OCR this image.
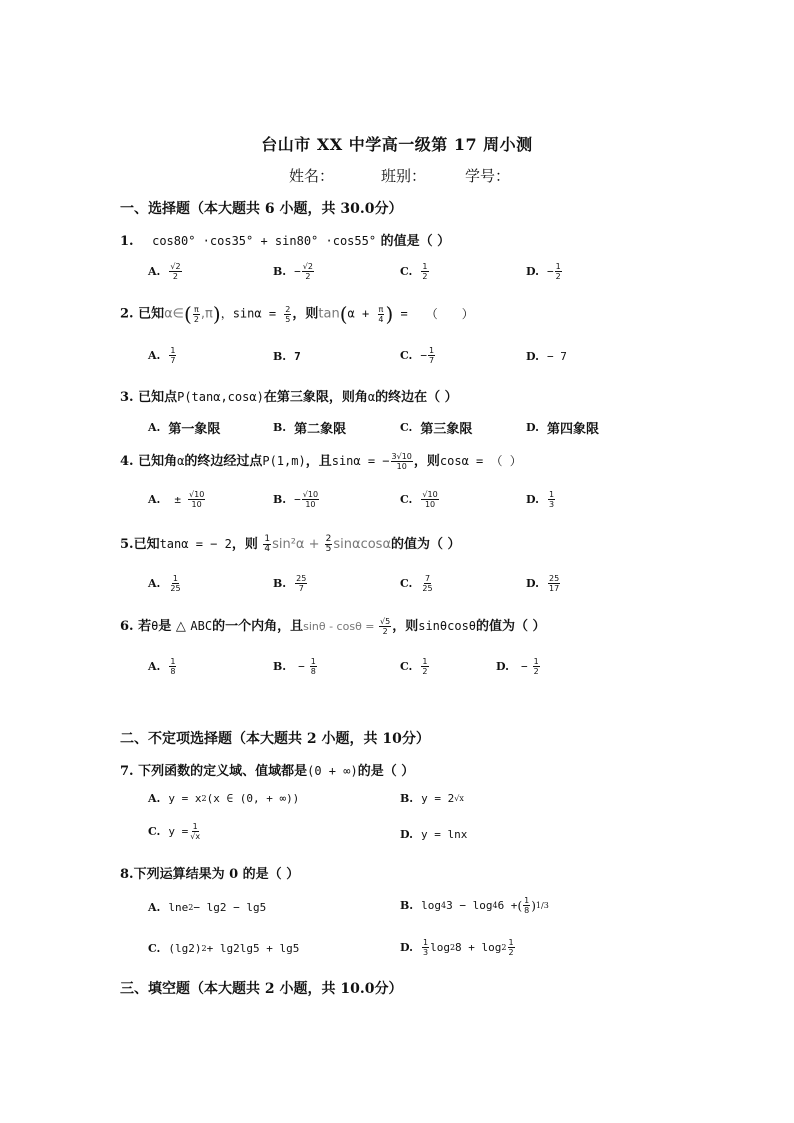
台山市 XX 中学高一级第 17 周小测
姓名：	班别：	学号：
一、选择题（本大题共 6 小题，共 30.0分）
1. cos80° ·cos35° + sin80° ·cos55° 的值是（ ）
A. $\frac{√2}{2}$	B. − $\frac{√2}{2}$	C. $\frac{1}{2}$	D. − $\frac{1}{2}$
2. 已知α∈( $\frac{\pi}{2} ,\pi$)，$\sin\alpha = \frac{2}{5}$ ，则$\tan(\alpha + \frac{\pi}{4}$ ) = （　　）
A. $\frac{1}{7}$	B. 7	C. − $\frac{1}{7}$	D. − 7
3. 已知点P(tanα,cosα)在第三象限，则角α的终边在（ ）
A. 第一象限	B. 第二象限	C. 第三象限	D. 第四象限
4. 已知角α的终边经过点P(1,m)，且sinα = − $\frac{3√10}{10}$ ，则cosα = （ ）
A. ± $\frac{√10}{10}$	B. − $\frac{√10}{10}$	C. $\frac{√10}{10}$	D. $\frac{1}{3}$
5.已知tanα = − 2，则 $\frac{1}{4} \sin^2\alpha + \frac{2}{5}$ sinαcosα的值为（ ）
A. $\frac{1}{25}$	B. $\frac{25}{7}$	C. $\frac{7}{25}$	D. $\frac{25}{17}$
6. 若θ是 △ ABC的一个内角，且$\sin\theta - \cos\theta = \frac{√5}{2}$ ，则sinθcosθ的值为（ ）
A. $\frac{1}{8}$	B. − $\frac{1}{8}$	C. $\frac{1}{2}$	D. − $\frac{1}{2}$
二、不定项选择题（本大题共 2 小题，共 10分）
7. 下列函数的定义域、值域都是(0 + ∞)的是（ ）
A. y = x 2 (x ∈ (0, + ∞))	B. y = 2 √x
C. $y = \frac{1}{√x}$	D. y = lnx
8.下列运算结果为 0 的是（ ）
A. lne 2 − lg2 − lg5	B. log 4 3 − log 4 6 + ( $\frac{1}{8}$ ) 1/3
C. (lg2) 2 + lg2lg5 + lg5	D. $\frac{1}{3}$ log 2 $8 + \log 2 \frac{1}{2}$
三、填空题（本大题共 2 小题，共 10.0分）
